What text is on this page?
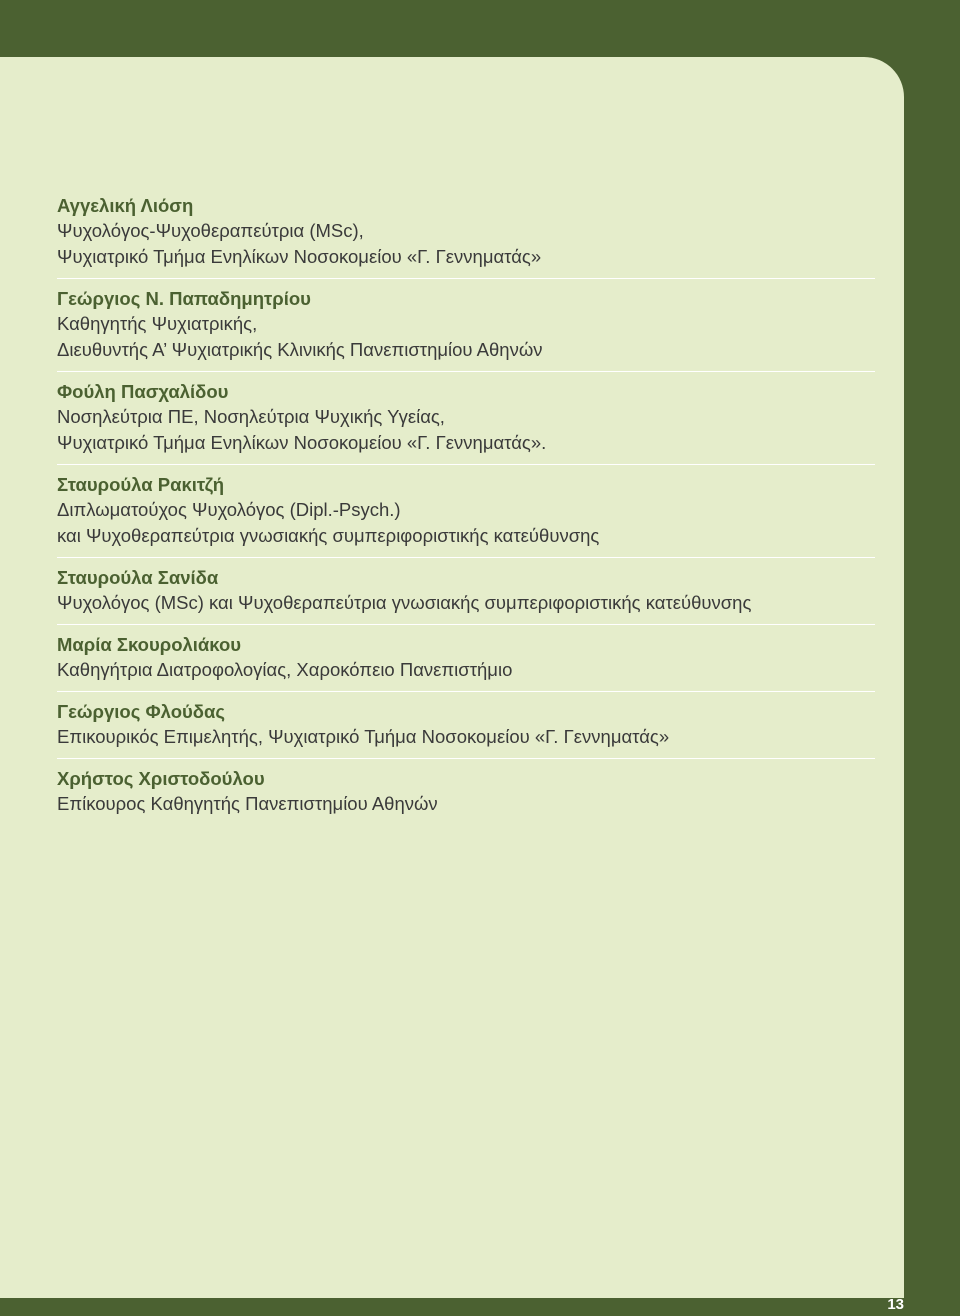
Αγγελική Λιόση
Ψυχολόγος-Ψυχοθεραπεύτρια (MSc),
Ψυχιατρικό Τμήμα Ενηλίκων Νοσοκομείου «Γ. Γεννηματάς»
Γεώργιος Ν. Παπαδημητρίου
Καθηγητής Ψυχιατρικής,
Διευθυντής Α’ Ψυχιατρικής Κλινικής Πανεπιστημίου Αθηνών
Φούλη Πασχαλίδου
Νοσηλεύτρια ΠΕ, Νοσηλεύτρια Ψυχικής Υγείας,
Ψυχιατρικό Τμήμα Ενηλίκων Νοσοκομείου «Γ. Γεννηματάς».
Σταυρούλα Ρακιτζή
Διπλωματούχος Ψυχολόγος (Dipl.-Psych.)
και Ψυχοθεραπεύτρια γνωσιακής συμπεριφοριστικής κατεύθυνσης
Σταυρούλα Σανίδα
Ψυχολόγος (MSc) και Ψυχοθεραπεύτρια γνωσιακής συμπεριφοριστικής κατεύθυνσης
Μαρία Σκουρολιάκου
Καθηγήτρια Διατροφολογίας, Χαροκόπειο Πανεπιστήμιο
Γεώργιος Φλούδας
Επικουρικός Επιμελητής, Ψυχιατρικό Τμήμα Νοσοκομείου «Γ. Γεννηματάς»
Χρήστος Χριστοδούλου
Επίκουρος Καθηγητής Πανεπιστημίου Αθηνών
13
